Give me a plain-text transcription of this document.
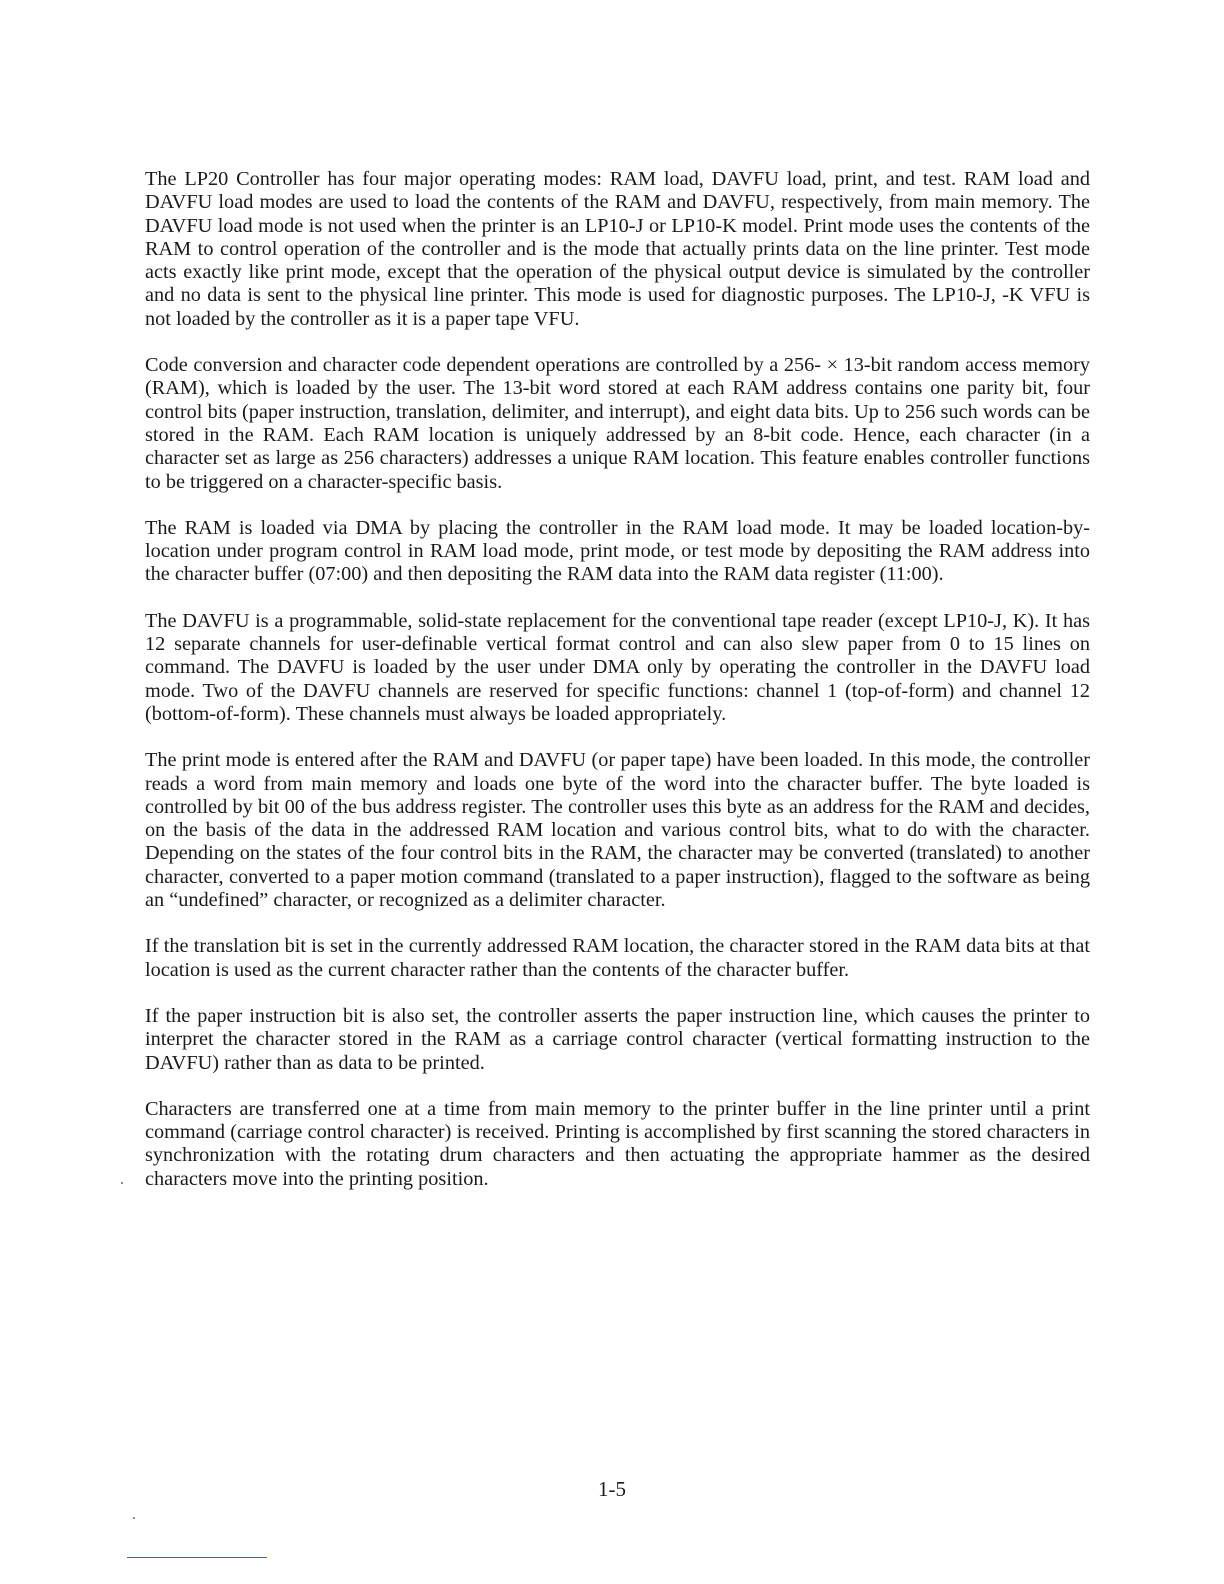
The LP20 Controller has four major operating modes: RAM load, DAVFU load, print, and test. RAM load and DAVFU load modes are used to load the contents of the RAM and DAVFU, respectively, from main memory. The DAVFU load mode is not used when the printer is an LP10-J or LP10-K model. Print mode uses the contents of the RAM to control operation of the controller and is the mode that actually prints data on the line printer. Test mode acts exactly like print mode, except that the operation of the physical output device is simulated by the controller and no data is sent to the physical line printer. This mode is used for diagnostic purposes. The LP10-J, -K VFU is not loaded by the controller as it is a paper tape VFU.

Code conversion and character code dependent operations are controlled by a 256- × 13-bit random access memory (RAM), which is loaded by the user. The 13-bit word stored at each RAM address contains one parity bit, four control bits (paper instruction, translation, delimiter, and interrupt), and eight data bits. Up to 256 such words can be stored in the RAM. Each RAM location is uniquely addressed by an 8-bit code. Hence, each character (in a character set as large as 256 characters) addresses a unique RAM location. This feature enables controller functions to be triggered on a character-specific basis.

The RAM is loaded via DMA by placing the controller in the RAM load mode. It may be loaded location-by-location under program control in RAM load mode, print mode, or test mode by depositing the RAM address into the character buffer (07:00) and then depositing the RAM data into the RAM data register (11:00).

The DAVFU is a programmable, solid-state replacement for the conventional tape reader (except LP10-J, K). It has 12 separate channels for user-definable vertical format control and can also slew paper from 0 to 15 lines on command. The DAVFU is loaded by the user under DMA only by operating the controller in the DAVFU load mode. Two of the DAVFU channels are reserved for specific functions: channel 1 (top-of-form) and channel 12 (bottom-of-form). These channels must always be loaded appropriately.

The print mode is entered after the RAM and DAVFU (or paper tape) have been loaded. In this mode, the controller reads a word from main memory and loads one byte of the word into the character buffer. The byte loaded is controlled by bit 00 of the bus address register. The controller uses this byte as an address for the RAM and decides, on the basis of the data in the addressed RAM location and various control bits, what to do with the character. Depending on the states of the four control bits in the RAM, the character may be converted (translated) to another character, converted to a paper motion command (translated to a paper instruction), flagged to the software as being an “undefined” character, or recognized as a delimiter character.

If the translation bit is set in the currently addressed RAM location, the character stored in the RAM data bits at that location is used as the current character rather than the contents of the character buffer.

If the paper instruction bit is also set, the controller asserts the paper instruction line, which causes the printer to interpret the character stored in the RAM as a carriage control character (vertical formatting instruction to the DAVFU) rather than as data to be printed.

Characters are transferred one at a time from main memory to the printer buffer in the line printer until a print command (carriage control character) is received. Printing is accomplished by first scanning the stored characters in synchronization with the rotating drum characters and then actuating the appropriate hammer as the desired characters move into the printing position.

1-5
